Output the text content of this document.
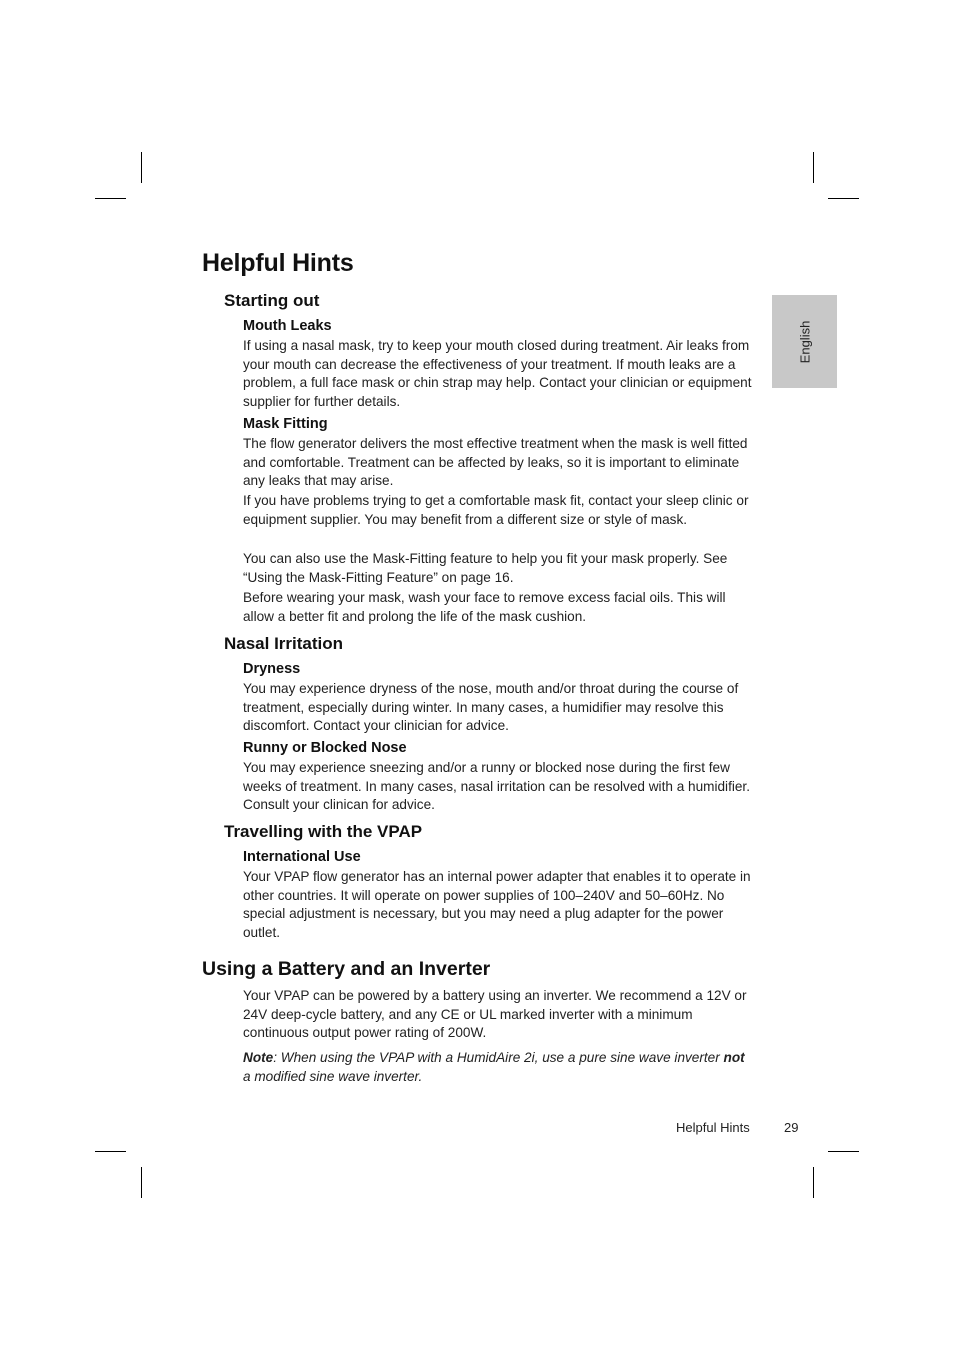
English
Helpful Hints
Starting out
Mouth Leaks
If using a nasal mask, try to keep your mouth closed during treatment. Air leaks from your mouth can decrease the effectiveness of your treatment. If mouth leaks are a problem, a full face mask or chin strap may help. Contact your clinician or equipment supplier for further details.
Mask Fitting
The flow generator delivers the most effective treatment when the mask is well fitted and comfortable. Treatment can be affected by leaks, so it is important to eliminate any leaks that may arise.
If you have problems trying to get a comfortable mask fit, contact your sleep clinic or equipment supplier. You may benefit from a different size or style of mask.
You can also use the Mask-Fitting feature to help you fit your mask properly. See “Using the Mask-Fitting Feature” on page 16.
Before wearing your mask, wash your face to remove excess facial oils. This will allow a better fit and prolong the life of the mask cushion.
Nasal Irritation
Dryness
You may experience dryness of the nose, mouth and/or throat during the course of treatment, especially during winter. In many cases, a humidifier may resolve this discomfort. Contact your clinician for advice.
Runny or Blocked Nose
You may experience sneezing and/or a runny or blocked nose during the first few weeks of treatment. In many cases, nasal irritation can be resolved with a humidifier. Consult your clinican for advice.
Travelling with the VPAP
International Use
Your VPAP flow generator has an internal power adapter that enables it to operate in other countries. It will operate on power supplies of 100–240V and 50–60Hz. No special adjustment is necessary, but you may need a plug adapter for the power outlet.
Using a Battery and an Inverter
Your VPAP can be powered by a battery using an inverter. We recommend a 12V or 24V deep-cycle battery, and any CE or UL marked inverter with a minimum continuous output power rating of 200W.
Note: When using the VPAP with a HumidAire 2i, use a pure sine wave inverter not a modified sine wave inverter.
Helpful Hints	29
